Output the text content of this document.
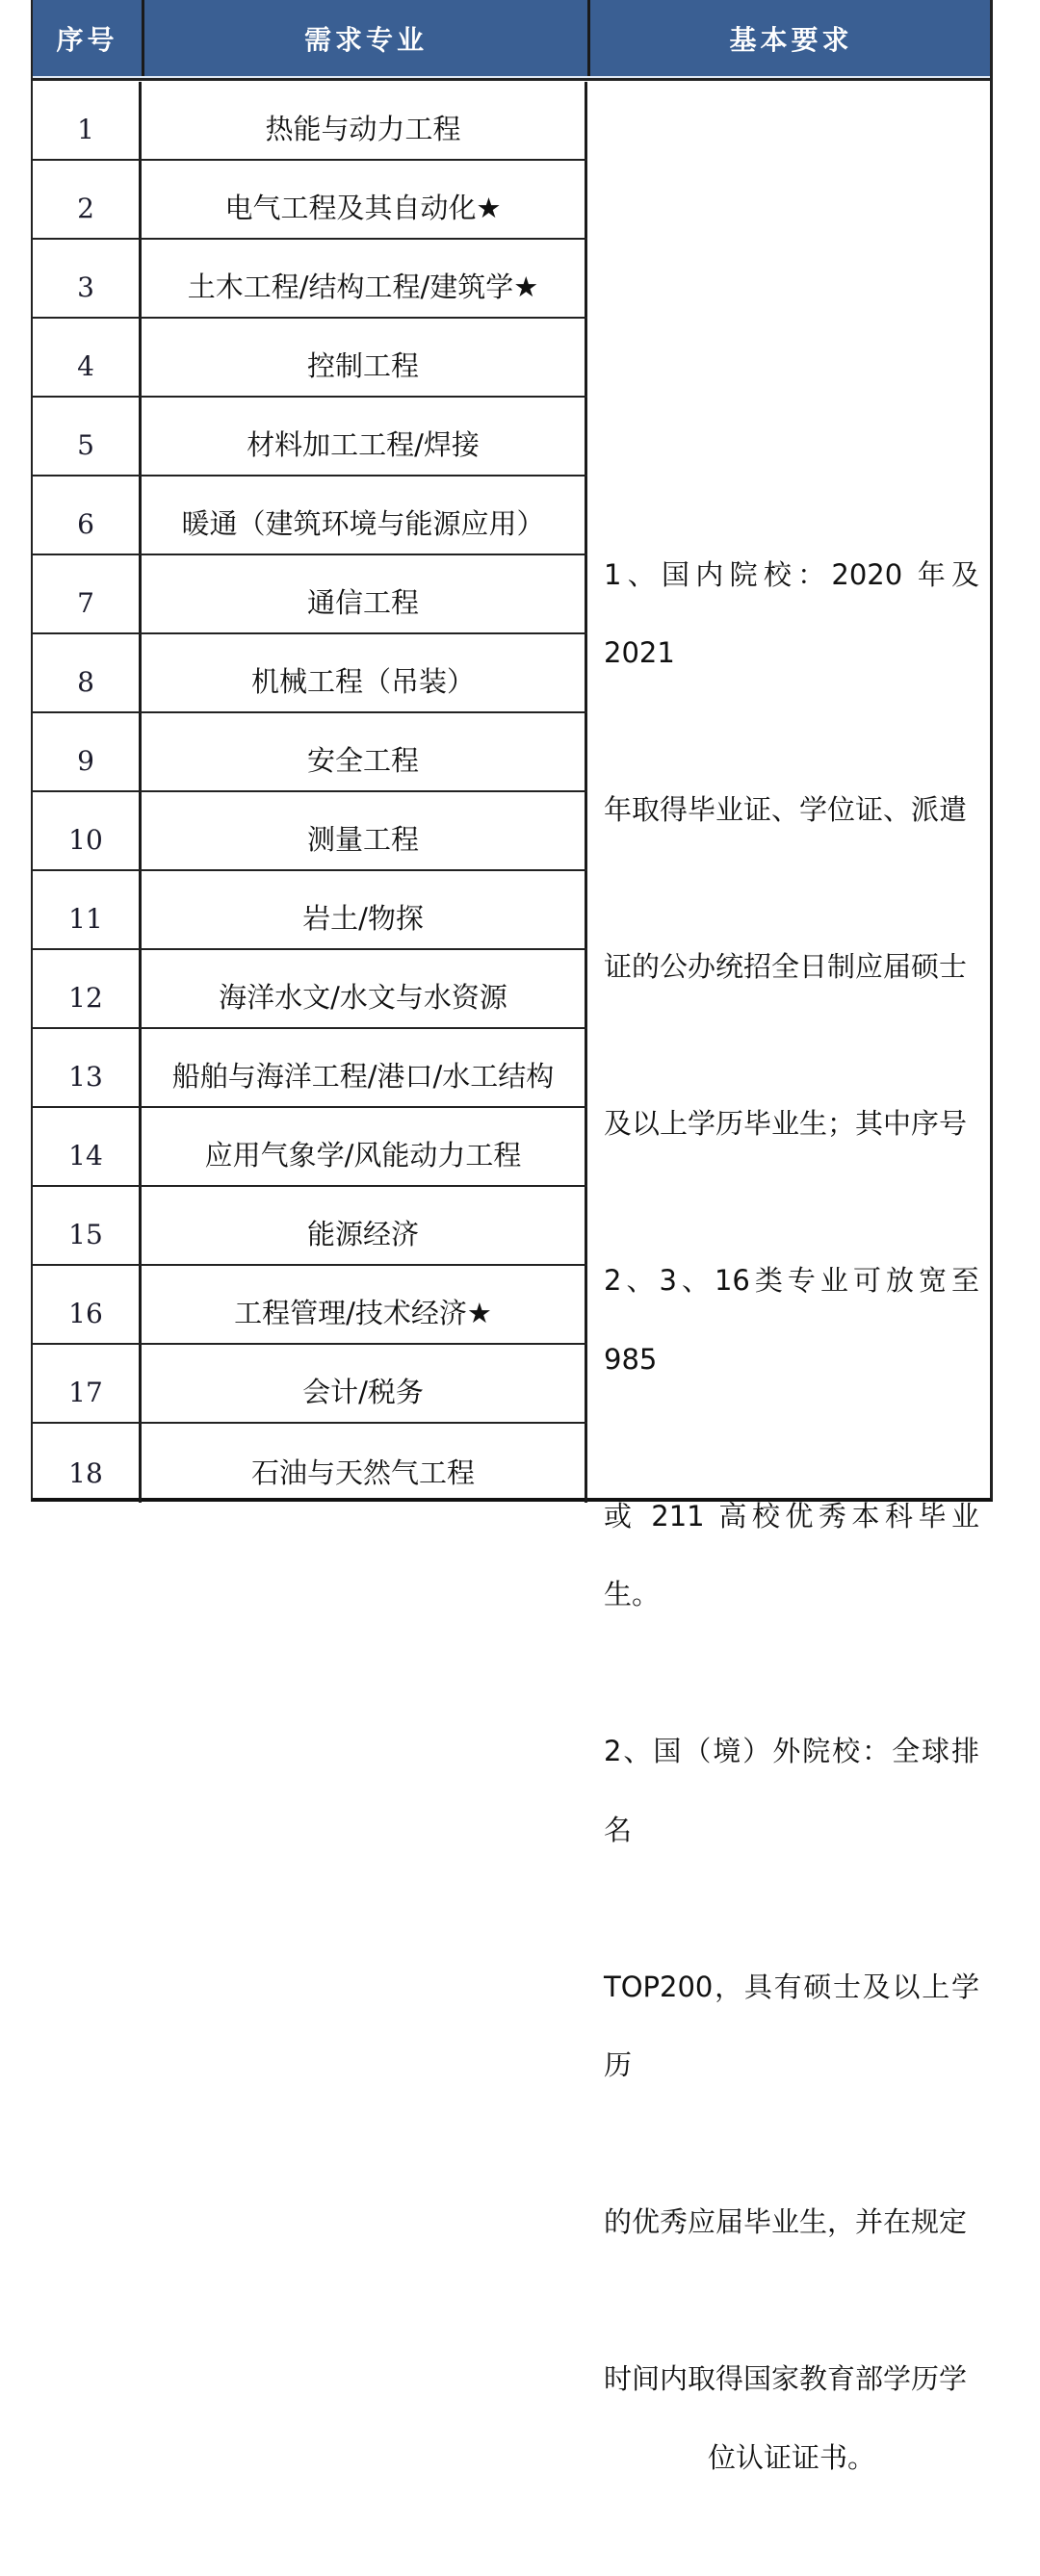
序号	需求专业	基本要求
1	热能与动力工程
2	电气工程及其自动化★
3	土木工程/结构工程/建筑学★
4	控制工程
5	材料加工工程/焊接
6	暖通（建筑环境与能源应用）
7	通信工程
8	机械工程（吊装）
9	安全工程
10	测量工程
11	岩土/物探
12	海洋水文/水文与水资源
13	船舶与海洋工程/港口/水工结构
14	应用气象学/风能动力工程
15	能源经济
16	工程管理/技术经济★
17	会计/税务
18	石油与天然气工程

1、国内院校：2020 年及 2021

年取得毕业证、学位证、派遣

证的公办统招全日制应届硕士

及以上学历毕业生；其中序号

2、3、16类专业可放宽至 985

或 211 高校优秀本科毕业生。

2、国（境）外院校：全球排名

TOP200，具有硕士及以上学历

的优秀应届毕业生，并在规定

时间内取得国家教育部学历学

位认证证书。
